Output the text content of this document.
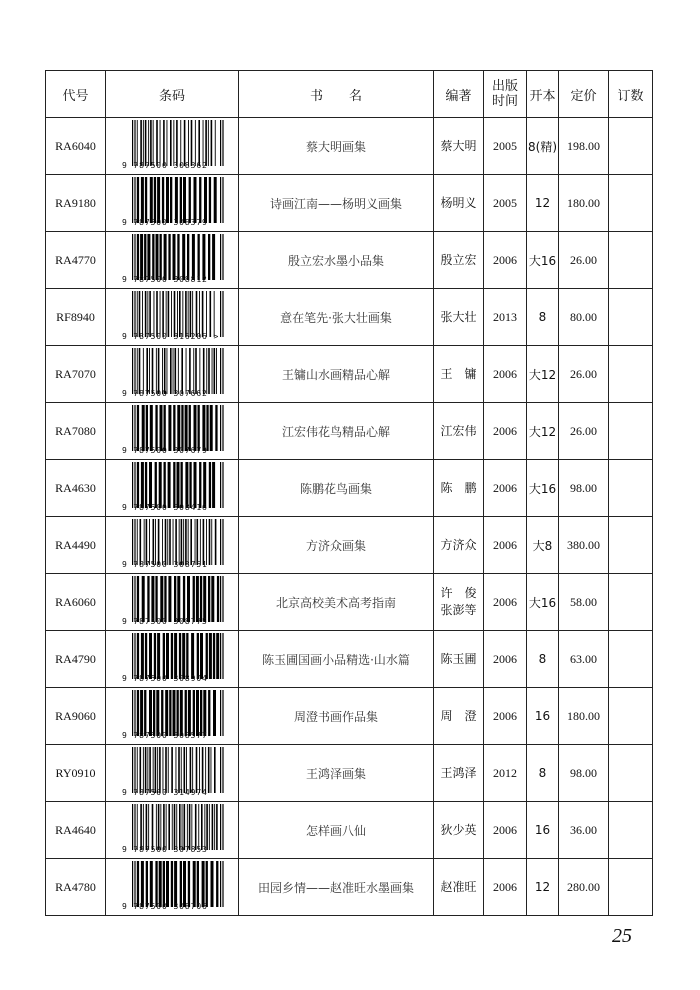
代号	条码	书　　名	编著	出版时间	开本	定价	订数
RA6040	9 787500 308362	蔡大明画集	蔡大明	2005	8(精)	198.00	
RA9180	9 787500 308379	诗画江南——杨明义画集	杨明义	2005	12	180.00	
RA4770	9 787500 308812	殷立宏水墨小品集	殷立宏	2006	大16	26.00	
RF8940	9 787500 316206 >	意在笔先·张大壮画集	张大壮	2013	8	80.00	
RA7070	9 787500 307662	王镛山水画精品心解	王　镛	2006	大12	26.00	
RA7080	9 787500 307679	江宏伟花鸟精品心解	江宏伟	2006	大12	26.00	
RA4630	9 787500 308416	陈鹏花鸟画集	陈　鹏	2006	大16	98.00	
RA4490	9 787500 308751	方济众画集	方济众	2006	大8	380.00	
RA6060	9 787500 308775	北京高校美术高考指南	许　俊
张澎等	2006	大16	58.00	
RA4790	9 787500 308904	陈玉圃国画小品精选·山水篇	陈玉圃	2006	8	63.00	
RA9060	9 787500 308577	周澄书画作品集	周　澄	2006	16	180.00	
RY0910	9 787500 314974	王鸿泽画集	王鸿泽	2012	8	98.00	
RA4640	9 787500 307853	怎样画八仙	狄少英	2006	16	36.00	
RA4780	9 787500 308706	田园乡情——赵准旺水墨画集	赵准旺	2006	12	280.00	
25
